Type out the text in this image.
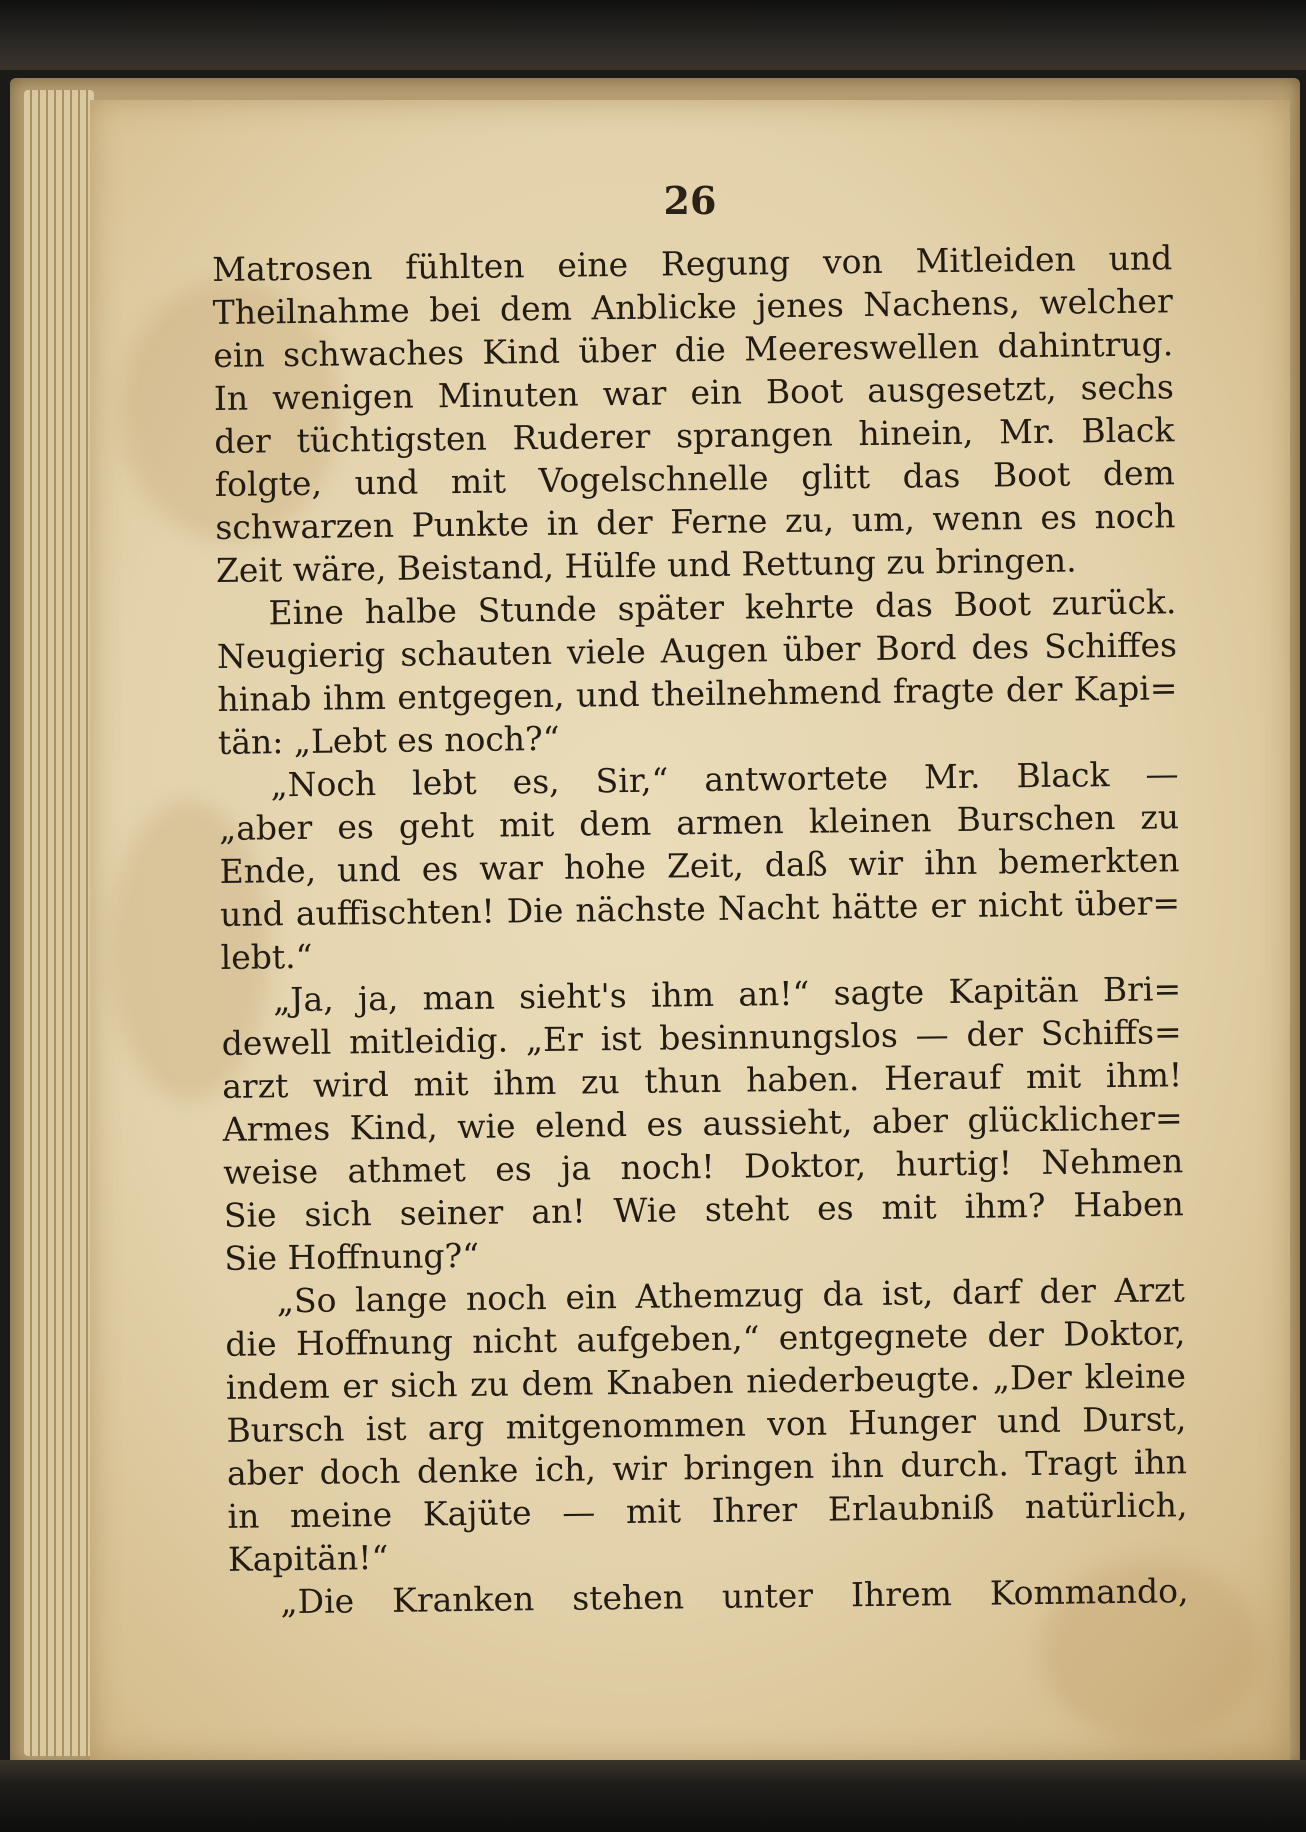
26
Matrosen fühlten eine Regung von Mitleiden und
Theilnahme bei dem Anblicke jenes Nachens, welcher
ein schwaches Kind über die Meereswellen dahintrug.
In wenigen Minuten war ein Boot ausgesetzt, sechs
der tüchtigsten Ruderer sprangen hinein, Mr. Black
folgte, und mit Vogelschnelle glitt das Boot dem
schwarzen Punkte in der Ferne zu, um, wenn es noch
Zeit wäre, Beistand, Hülfe und Rettung zu bringen.
Eine halbe Stunde später kehrte das Boot zurück.
Neugierig schauten viele Augen über Bord des Schiffes
hinab ihm entgegen, und theilnehmend fragte der Kapi=
tän: „Lebt es noch?“
„Noch lebt es, Sir,“ antwortete Mr. Black —
„aber es geht mit dem armen kleinen Burschen zu
Ende, und es war hohe Zeit, daß wir ihn bemerkten
und auffischten! Die nächste Nacht hätte er nicht über=
lebt.“
„Ja, ja, man sieht's ihm an!“ sagte Kapitän Bri=
dewell mitleidig. „Er ist besinnungslos — der Schiffs=
arzt wird mit ihm zu thun haben. Herauf mit ihm!
Armes Kind, wie elend es aussieht, aber glücklicher=
weise athmet es ja noch! Doktor, hurtig! Nehmen
Sie sich seiner an! Wie steht es mit ihm? Haben
Sie Hoffnung?“
„So lange noch ein Athemzug da ist, darf der Arzt
die Hoffnung nicht aufgeben,“ entgegnete der Doktor,
indem er sich zu dem Knaben niederbeugte. „Der kleine
Bursch ist arg mitgenommen von Hunger und Durst,
aber doch denke ich, wir bringen ihn durch. Tragt ihn
in meine Kajüte — mit Ihrer Erlaubniß natürlich,
Kapitän!“
„Die Kranken stehen unter Ihrem Kommando,
